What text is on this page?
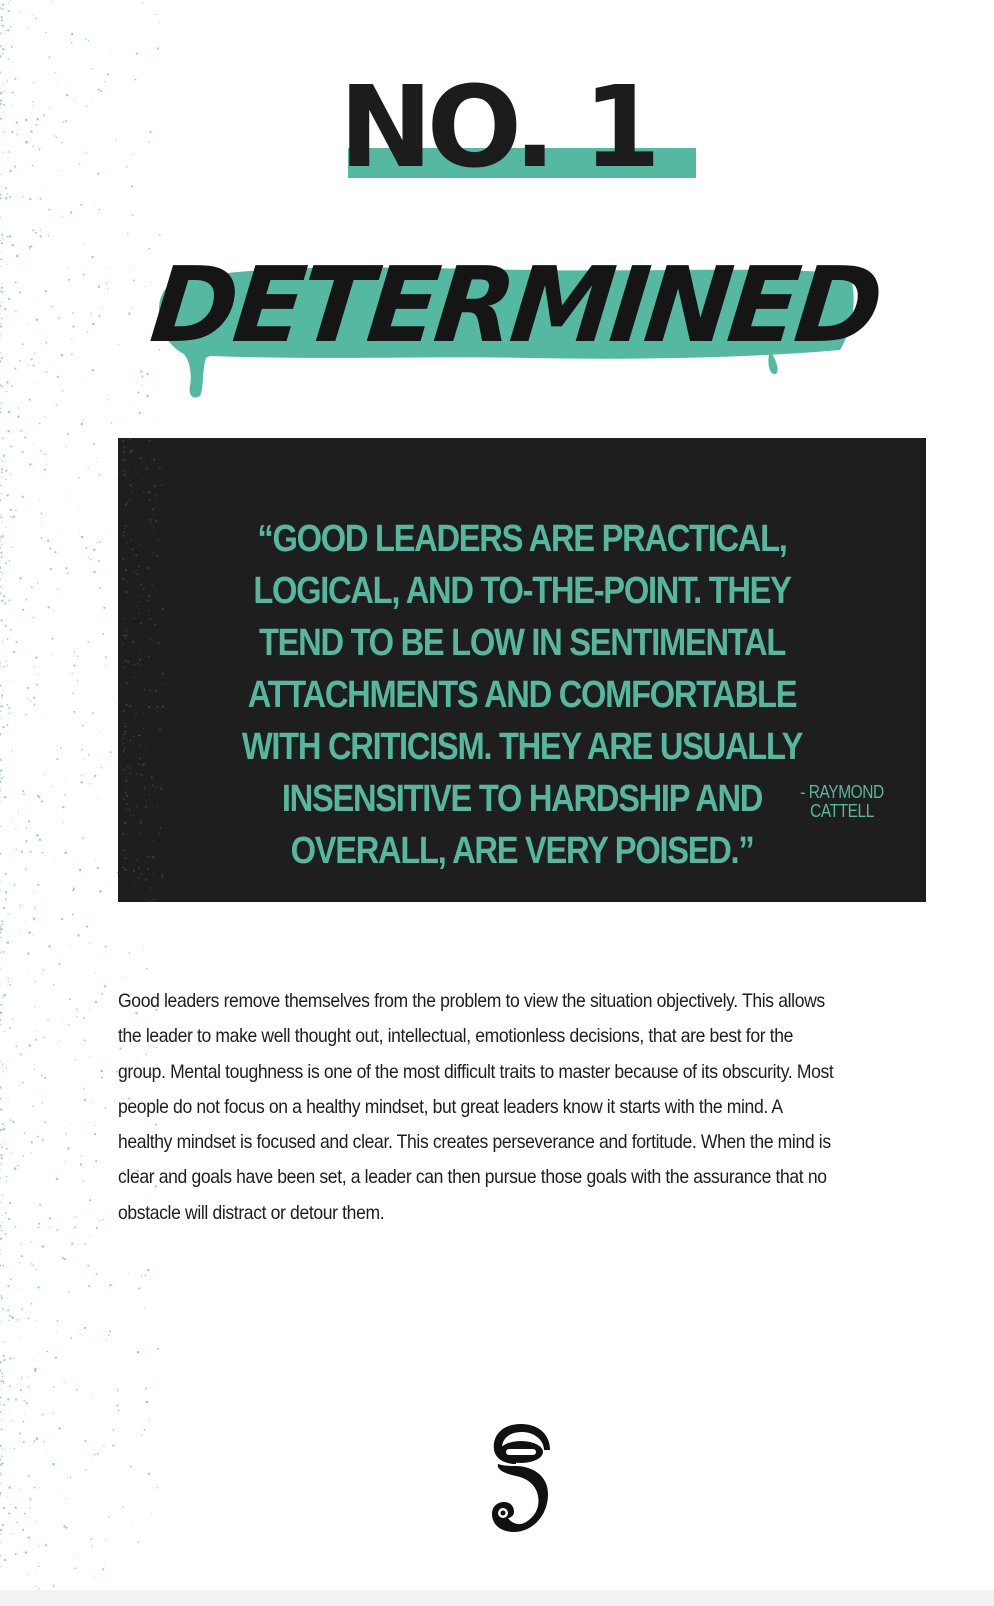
NO. 1
DETERMINED
“GOOD LEADERS ARE PRACTICAL, LOGICAL, AND TO-THE-POINT. THEY TEND TO BE LOW IN SENTIMENTAL ATTACHMENTS AND COMFORTABLE WITH CRITICISM. THEY ARE USUALLY INSENSITIVE TO HARDSHIP AND OVERALL, ARE VERY POISED.”
- RAYMOND CATTELL

Good leaders remove themselves from the problem to view the situation objectively. This allows the leader to make well thought out, intellectual, emotionless decisions, that are best for the group. Mental toughness is one of the most difficult traits to master because of its obscurity. Most people do not focus on a healthy mindset, but great leaders know it starts with the mind. A healthy mindset is focused and clear. This creates perseverance and fortitude. When the mind is clear and goals have been set, a leader can then pursue those goals with the assurance that no obstacle will distract or detour them.
